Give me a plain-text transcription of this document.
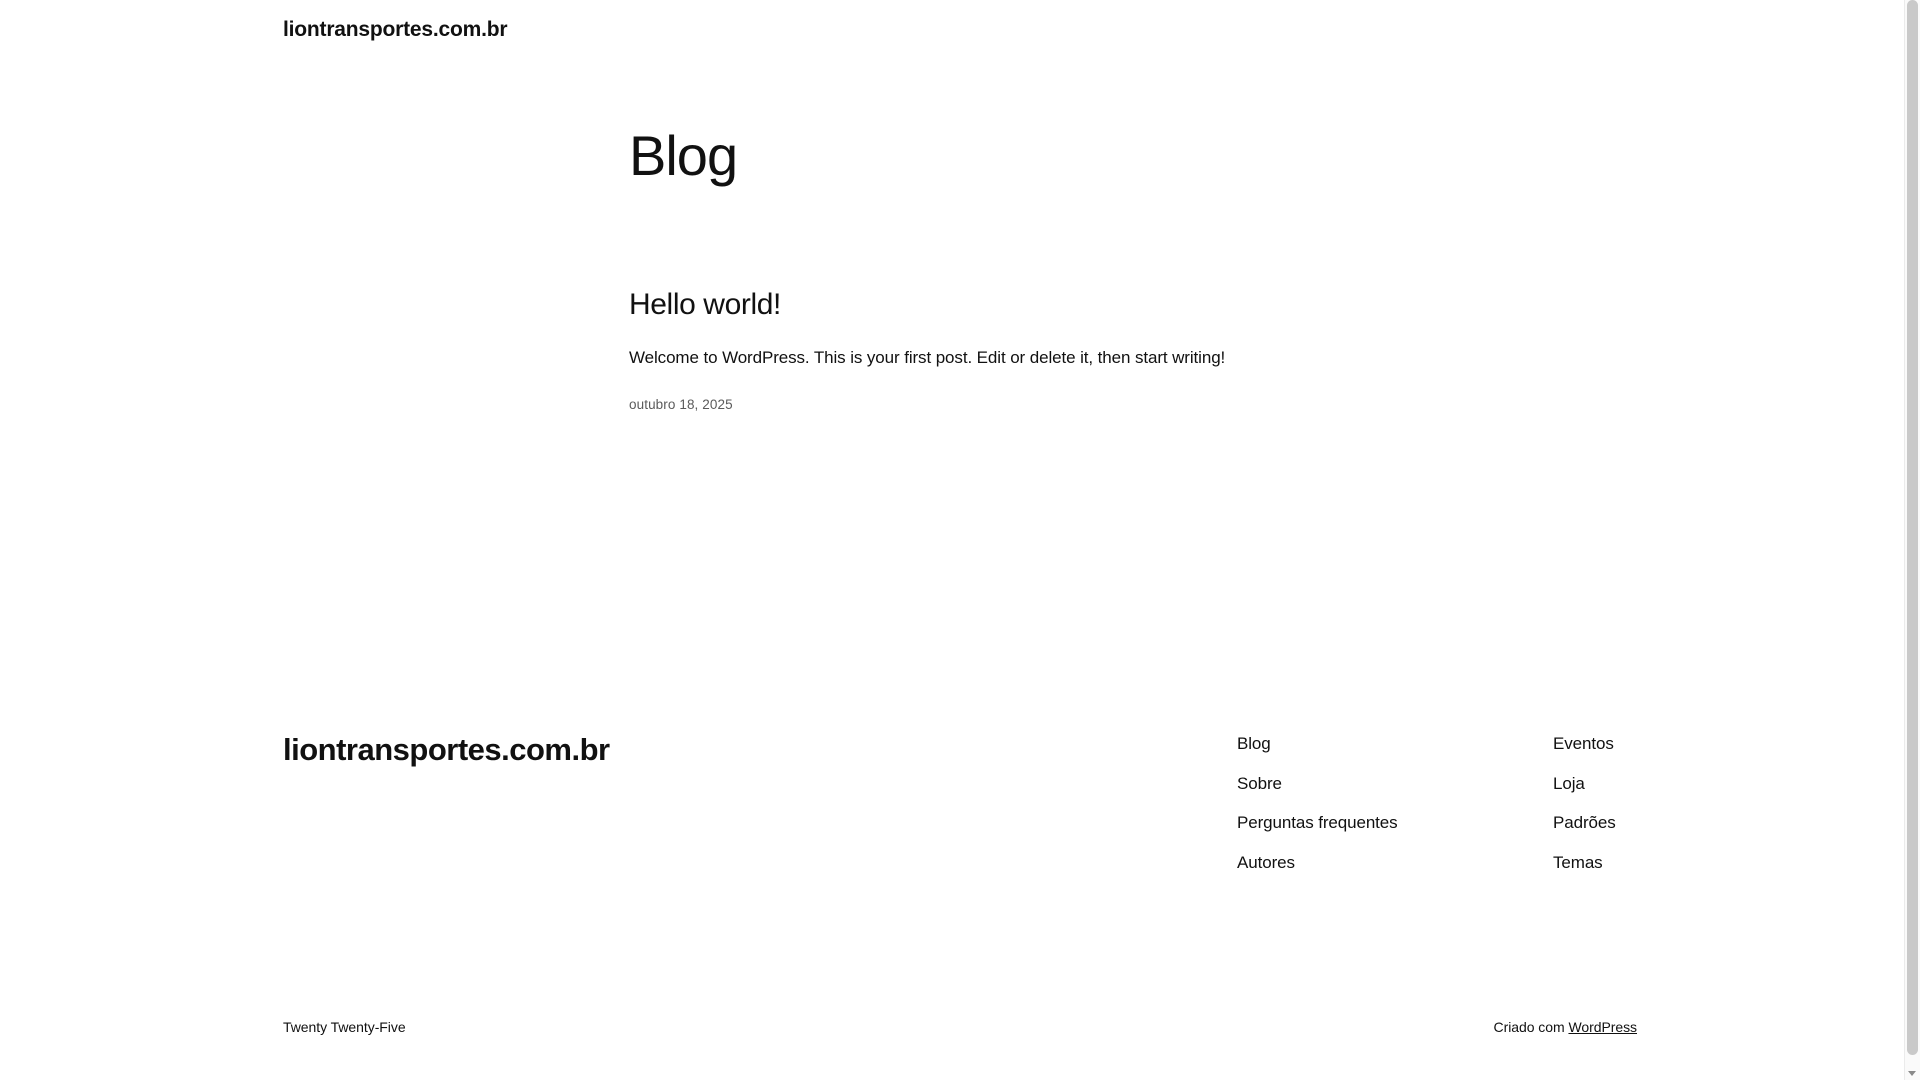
liontransportes.com.br
Blog
Hello world!

Welcome to WordPress. This is your first post. Edit or delete it, then start writing!

outubro 18, 2025
liontransportes.com.br	Blog
Sobre
Perguntas frequentes
Autores
Eventos
Loja
Padrões
Temas
Twenty Twenty-Five	Criado com WordPress
